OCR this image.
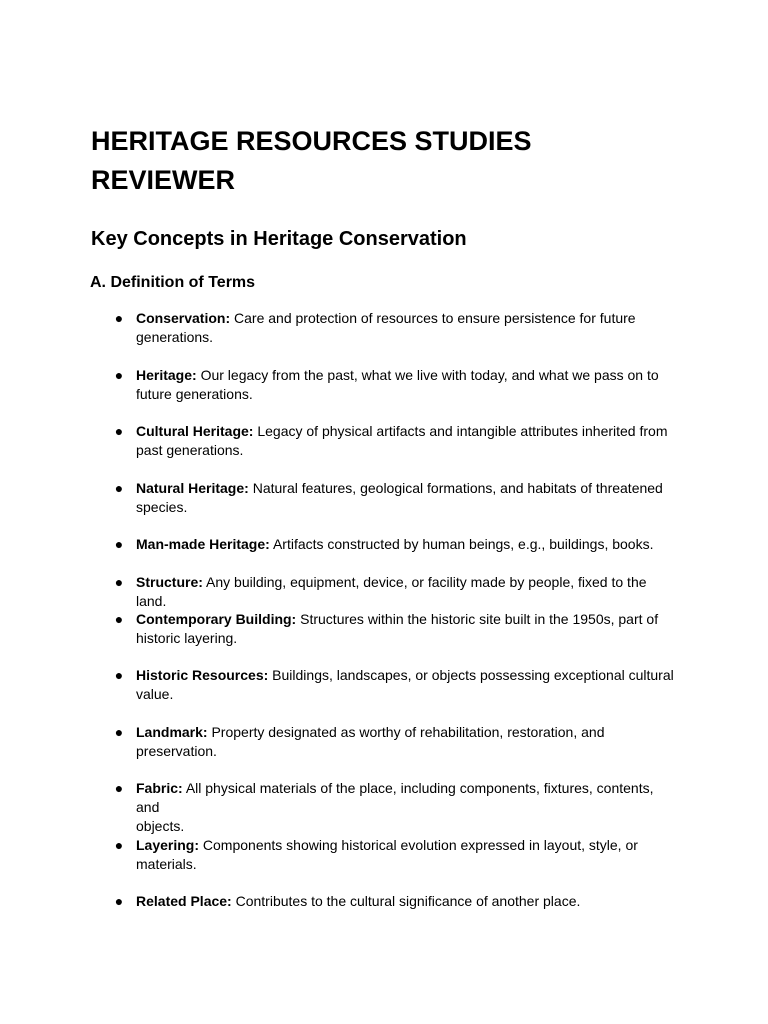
HERITAGE RESOURCES STUDIES
REVIEWER
Key Concepts in Heritage Conservation
A. Definition of Terms
● Conservation: Care and protection of resources to ensure persistence for future
generations.
● Heritage: Our legacy from the past, what we live with today, and what we pass on to
future generations.
● Cultural Heritage: Legacy of physical artifacts and intangible attributes inherited from
past generations.
● Natural Heritage: Natural features, geological formations, and habitats of threatened
species.
● Man-made Heritage: Artifacts constructed by human beings, e.g., buildings, books.
● Structure: Any building, equipment, device, or facility made by people, fixed to the land.
● Contemporary Building: Structures within the historic site built in the 1950s, part of
historic layering.
● Historic Resources: Buildings, landscapes, or objects possessing exceptional cultural
value.
● Landmark: Property designated as worthy of rehabilitation, restoration, and
preservation.
● Fabric: All physical materials of the place, including components, fixtures, contents, and
objects.
● Layering: Components showing historical evolution expressed in layout, style, or
materials.
● Related Place: Contributes to the cultural significance of another place.
